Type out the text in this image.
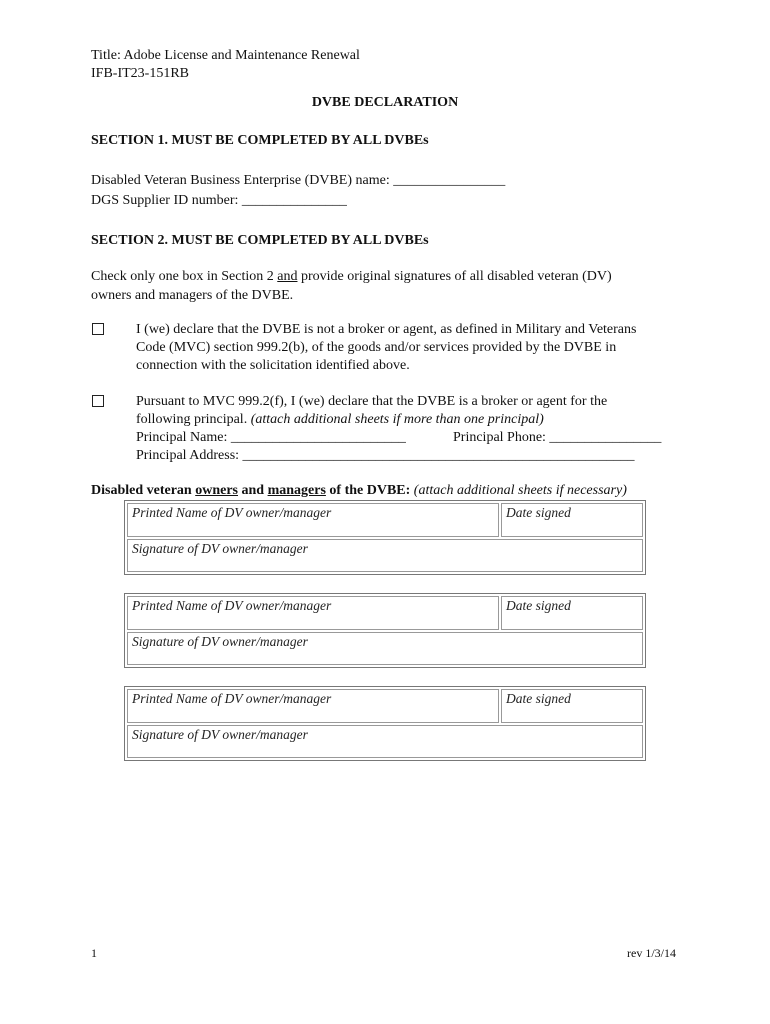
Title: Adobe License and Maintenance Renewal
IFB-IT23-151RB
DVBE DECLARATION
SECTION 1. MUST BE COMPLETED BY ALL DVBEs
Disabled Veteran Business Enterprise (DVBE) name: ________________
DGS Supplier ID number: _______________
SECTION 2. MUST BE COMPLETED BY ALL DVBEs
Check only one box in Section 2 and provide original signatures of all disabled veteran (DV)
owners and managers of the DVBE.
I (we) declare that the DVBE is not a broker or agent, as defined in Military and Veterans
Code (MVC) section 999.2(b), of the goods and/or services provided by the DVBE in
connection with the solicitation identified above.
Pursuant to MVC 999.2(f), I (we) declare that the DVBE is a broker or agent for the
following principal. (attach additional sheets if more than one principal)
Principal Name: _________________________	Principal Phone: ________________
Principal Address: ________________________________________________________
Disabled veteran owners and managers of the DVBE: (attach additional sheets if necessary)
Printed Name of DV owner/manager	Date signed
Signature of DV owner/manager
Printed Name of DV owner/manager	Date signed
Signature of DV owner/manager
Printed Name of DV owner/manager	Date signed
Signature of DV owner/manager
1	rev 1/3/14
